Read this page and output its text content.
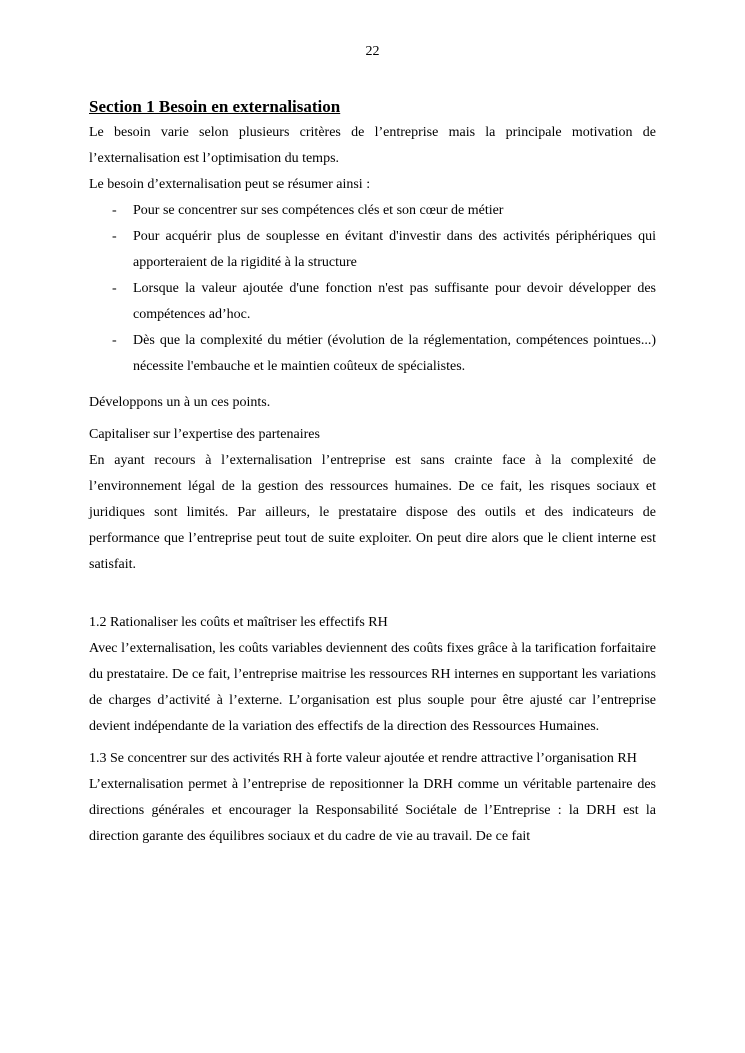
22
Section 1 Besoin en externalisation

Le besoin varie selon plusieurs critères de l’entreprise mais la principale motivation de l’externalisation est l’optimisation du temps.

Le besoin d’externalisation peut se résumer ainsi :

- Pour se concentrer sur ses compétences clés et son cœur de métier
- Pour acquérir plus de souplesse en évitant d'investir dans des activités périphériques qui apporteraient de la rigidité à la structure
- Lorsque la valeur ajoutée d'une fonction n'est pas suffisante pour devoir développer des compétences ad’hoc.
- Dès que la complexité du métier (évolution de la réglementation, compétences pointues...) nécessite l'embauche et le maintien coûteux de spécialistes.

Développons un à un ces points.

Capitaliser sur l’expertise des partenaires

En ayant recours à l’externalisation l’entreprise est sans crainte face à la complexité de l’environnement légal de la gestion des ressources humaines. De ce fait, les risques sociaux et juridiques sont limités. Par ailleurs, le prestataire dispose des outils et des indicateurs de performance que l’entreprise peut tout de suite exploiter. On peut dire alors que le client interne est satisfait.

1.2 Rationaliser les coûts et maîtriser les effectifs RH

Avec l’externalisation, les coûts variables deviennent des coûts fixes grâce à la tarification forfaitaire du prestataire. De ce fait, l’entreprise maitrise les ressources RH internes en supportant les variations de charges d’activité à l’externe. L’organisation est plus souple pour être ajusté car l’entreprise devient indépendante de la variation des effectifs de la direction des Ressources Humaines.

1.3 Se concentrer sur des activités RH à forte valeur ajoutée et rendre attractive l’organisation RH

L’externalisation permet à l’entreprise de repositionner la DRH comme un véritable partenaire des directions générales et encourager la Responsabilité Sociétale de l’Entreprise : la DRH est la direction garante des équilibres sociaux et du cadre de vie au travail. De ce fait
